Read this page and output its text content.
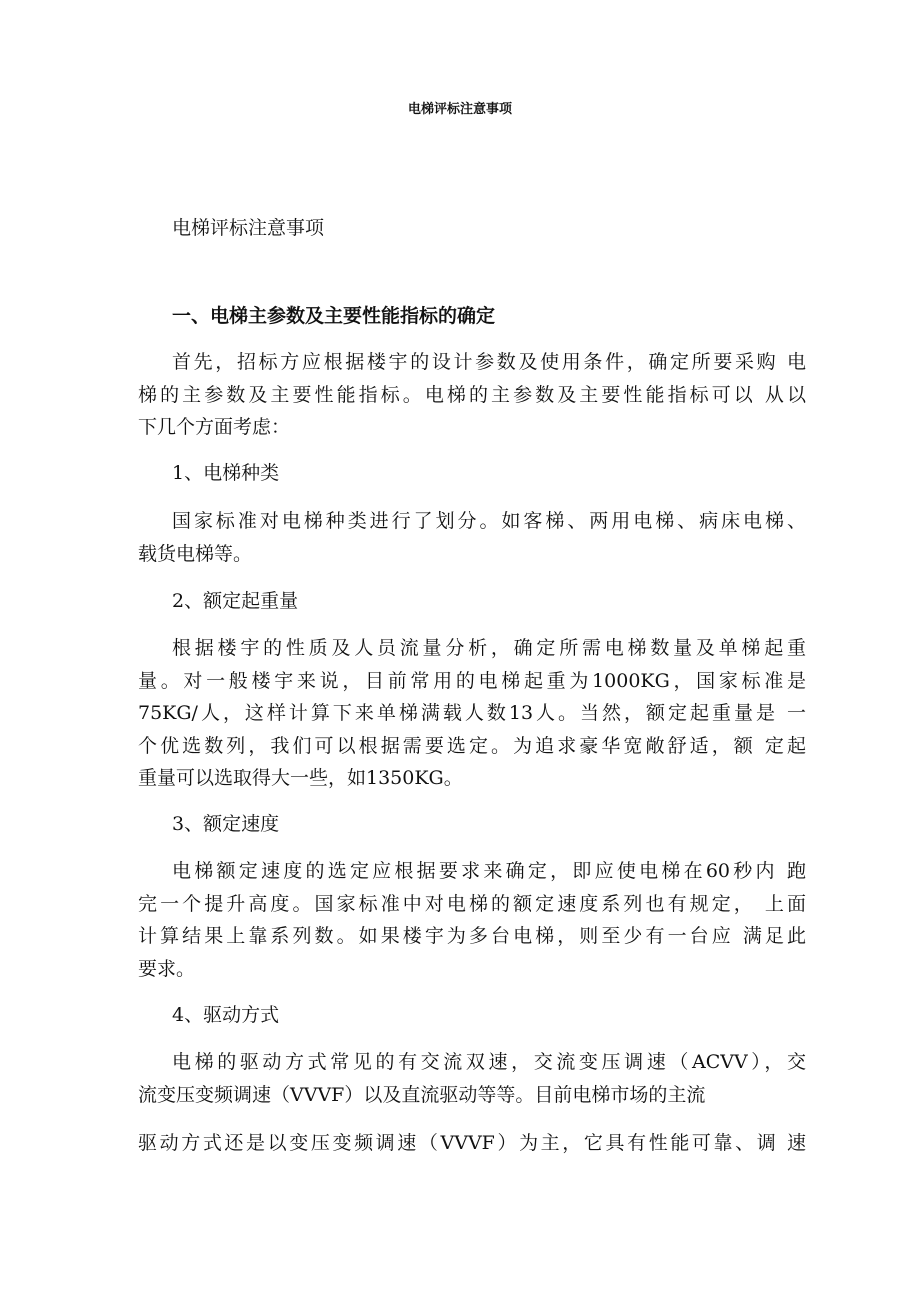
电梯评标注意事项
电梯评标注意事项
一、电梯主参数及主要性能指标的确定
首先，招标方应根据楼宇的设计参数及使用条件，确定所要采购 电
梯的主参数及主要性能指标。电梯的主参数及主要性能指标可以 从以
下几个方面考虑：
1、电梯种类
国家标准对电梯种类进行了划分。如客梯、两用电梯、病床电梯、
载货电梯等。
2、额定起重量
根据楼宇的性质及人员流量分析，确定所需电梯数量及单梯起重
量。对一般楼宇来说，目前常用的电梯起重为1000KG，国家标准是
75KG/人，这样计算下来单梯满载人数13人。当然，额定起重量是 一
个优选数列，我们可以根据需要选定。为追求豪华宽敞舒适，额 定起
重量可以选取得大一些，如1350KG。
3、额定速度
电梯额定速度的选定应根据要求来确定，即应使电梯在60秒内 跑
完一个提升高度。国家标准中对电梯的额定速度系列也有规定， 上面
计算结果上靠系列数。如果楼宇为多台电梯，则至少有一台应 满足此
要求。
4、驱动方式
电梯的驱动方式常见的有交流双速，交流变压调速（ACVV），交
流变压变频调速（VVVF）以及直流驱动等等。目前电梯市场的主流
驱动方式还是以变压变频调速（VVVF）为主，它具有性能可靠、调 速
